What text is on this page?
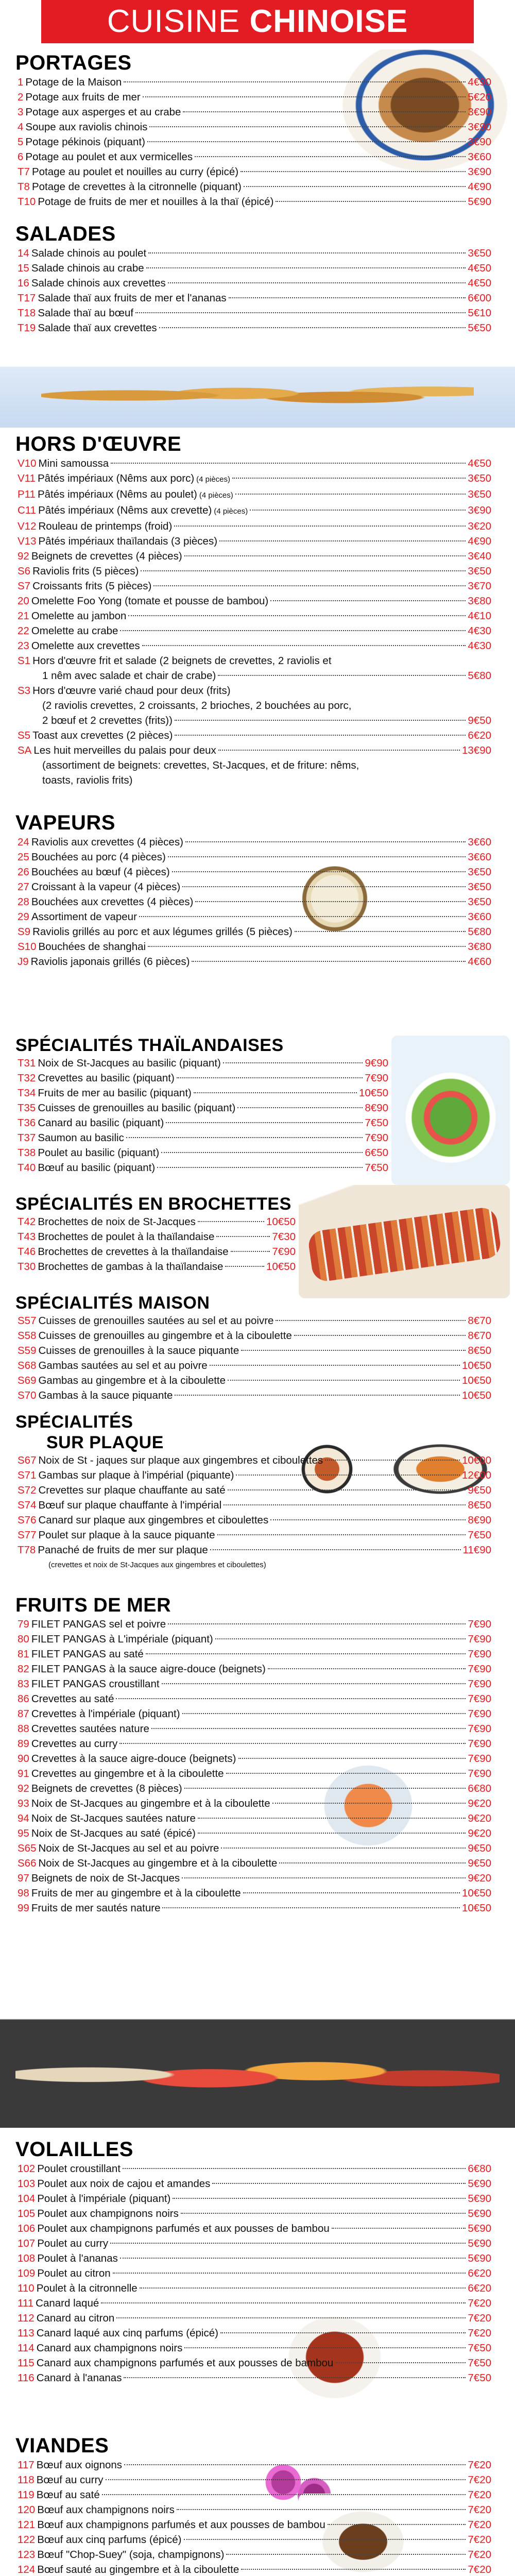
CUISINE CHINOISE
PORTAGES
1 Potage de la Maison	4€90
2 Potage aux fruits de mer	5€20
3 Potage aux asperges et au crabe	3€90
4 Soupe aux raviolis chinois	3€90
5 Potage pékinois (piquant)	3€90
6 Potage au poulet et aux vermicelles	3€60
T7 Potage au poulet et nouilles au curry (épicé)	3€90
T8 Potage de crevettes à la citronnelle (piquant)	4€90
T10 Potage de fruits de mer et nouilles à la thaï (épicé)	5€90
SALADES
14 Salade chinois au poulet	3€50
15 Salade chinois au crabe	4€50
16 Salade chinois aux crevettes	4€50
T17 Salade thaï aux fruits de mer et l'ananas	6€00
T18 Salade thaï au bœuf	5€10
T19 Salade thaï aux crevettes	5€50
HORS D'ŒUVRE
V10 Mini samoussa	4€50
V11 Pâtés impériaux (Nêms aux porc) (4 pièces)	3€50
P11 Pâtés impériaux (Nêms au poulet) (4 pièces)	3€50
C11 Pâtés impériaux (Nêms aux crevette) (4 pièces)	3€90
V12 Rouleau de printemps (froid)	3€20
V13 Pâtés impériaux thaïlandais (3 pièces)	4€90
92 Beignets de crevettes (4 pièces)	3€40
S6 Raviolis frits (5 pièces)	3€50
S7 Croissants frits (5 pièces)	3€70
20 Omelette Foo Yong (tomate et pousse de bambou)	3€80
21 Omelette au jambon	4€10
22 Omelette au crabe	4€30
23 Omelette aux crevettes	4€30
S1 Hors d'œuvre frit et salade (2 beignets de crevettes, 2 raviolis et
1 nêm avec salade et chair de crabe)	5€80
S3 Hors d'œuvre varié chaud pour deux (frits)
(2 raviolis crevettes, 2 croissants, 2 brioches, 2 bouchées au porc,
2 bœuf et 2 crevettes (frits))	9€50
S5 Toast aux crevettes (2 pièces)	6€20
SA Les huit merveilles du palais pour deux	13€90
(assortiment de beignets: crevettes, St-Jacques, et de friture: nêms,
toasts, raviolis frits)
VAPEURS
24 Raviolis aux crevettes (4 pièces)	3€60
25 Bouchées au porc (4 pièces)	3€60
26 Bouchées au bœuf (4 pièces)	3€50
27 Croissant à la vapeur (4 pièces)	3€50
28 Bouchées aux crevettes (4 pièces)	3€50
29 Assortiment de vapeur	3€60
S9 Raviolis grillés au porc et aux légumes grillés (5 pièces)	5€80
S10 Bouchées de shanghai	3€80
J9 Raviolis japonais grillés (6 pièces)	4€60
SPÉCIALITÉS THAÏLANDAISES
T31 Noix de St-Jacques au basilic (piquant)	9€90
T32 Crevettes au basilic (piquant)	7€90
T34 Fruits de mer au basilic (piquant)	10€50
T35 Cuisses de grenouilles au basilic (piquant)	8€90
T36 Canard au basilic (piquant)	7€50
T37 Saumon au basilic	7€90
T38 Poulet au basilic (piquant)	6€50
T40 Bœuf au basilic (piquant)	7€50
SPÉCIALITÉS EN BROCHETTES
T42 Brochettes de noix de St-Jacques	10€50
T43 Brochettes de poulet à la thaïlandaise	7€30
T46 Brochettes de crevettes à la thaïlandaise	7€90
T30 Brochettes de gambas à la thaïlandaise	10€50
SPÉCIALITÉS MAISON
S57 Cuisses de grenouilles sautées au sel et au poivre	8€70
S58 Cuisses de grenouilles au gingembre et à la ciboulette	8€70
S59 Cuisses de grenouilles à la sauce piquante	8€50
S68 Gambas sautées au sel et au poivre	10€50
S69 Gambas au gingembre et à la ciboulette	10€50
S70 Gambas à la sauce piquante	10€50
SPÉCIALITÉS
SUR PLAQUE
S67 Noix de St - jaques sur plaque aux gingembres et ciboulettes	10€00
S71 Gambas sur plaque à l'impérial (piquante)	12€00
S72 Crevettes sur plaque chauffante au saté	9€50
S74 Bœuf sur plaque chauffante à l'impérial	8€50
S76 Canard sur plaque aux gingembres et ciboulettes	8€90
S77 Poulet sur plaque à la sauce piquante	7€50
T78 Panaché de fruits de mer sur plaque	11€90
(crevettes et noix de St-Jacques aux gingembres et ciboulettes)
FRUITS DE MER
79 FILET PANGAS sel et poivre	7€90
80 FILET PANGAS à L'impériale (piquant)	7€90
81 FILET PANGAS au saté	7€90
82 FILET PANGAS à la sauce aigre-douce (beignets)	7€90
83 FILET PANGAS croustillant	7€90
86 Crevettes au saté	7€90
87 Crevettes à l'impériale (piquant)	7€90
88 Crevettes sautées nature	7€90
89 Crevettes au curry	7€90
90 Crevettes à la sauce aigre-douce (beignets)	7€90
91 Crevettes au gingembre et à la ciboulette	7€90
92 Beignets de crevettes (8 pièces)	6€80
93 Noix de St-Jacques au gingembre et à la ciboulette	9€20
94 Noix de St-Jacques sautées nature	9€20
95 Noix de St-Jacques au saté (épicé)	9€20
S65 Noix de St-Jacques au sel et au poivre	9€50
S66 Noix de St-Jacques au gingembre et à la ciboulette	9€50
97 Beignets de noix de St-Jacques	9€20
98 Fruits de mer au gingembre et à la ciboulette	10€50
99 Fruits de mer sautés nature	10€50
VOLAILLES
102 Poulet croustillant	6€80
103 Poulet aux noix de cajou et amandes	5€90
104 Poulet à l'impériale (piquant)	5€90
105 Poulet aux champignons noirs	5€90
106 Poulet aux champignons parfumés et aux pousses de bambou	5€90
107 Poulet au curry	5€90
108 Poulet à l'ananas	5€90
109 Poulet au citron	6€20
110 Poulet à la citronnelle	6€20
111 Canard laqué	7€20
112 Canard au citron	7€20
113 Canard laqué aux cinq parfums (épicé)	7€20
114 Canard aux champignons noirs	7€50
115 Canard aux champignons parfumés et aux pousses de bambou	7€50
116 Canard à l'ananas	7€50
VIANDES
117 Bœuf aux oignons	7€20
118 Bœuf au curry	7€20
119 Bœuf au saté	7€20
120 Bœuf aux champignons noirs	7€20
121 Bœuf aux champignons parfumés et aux pousses de bambou	7€20
122 Bœuf aux cinq parfums (épicé)	7€20
123 Bœuf "Chop-Suey" (soja, champignons)	7€20
124 Bœuf sauté au gingembre et à la ciboulette	7€20
